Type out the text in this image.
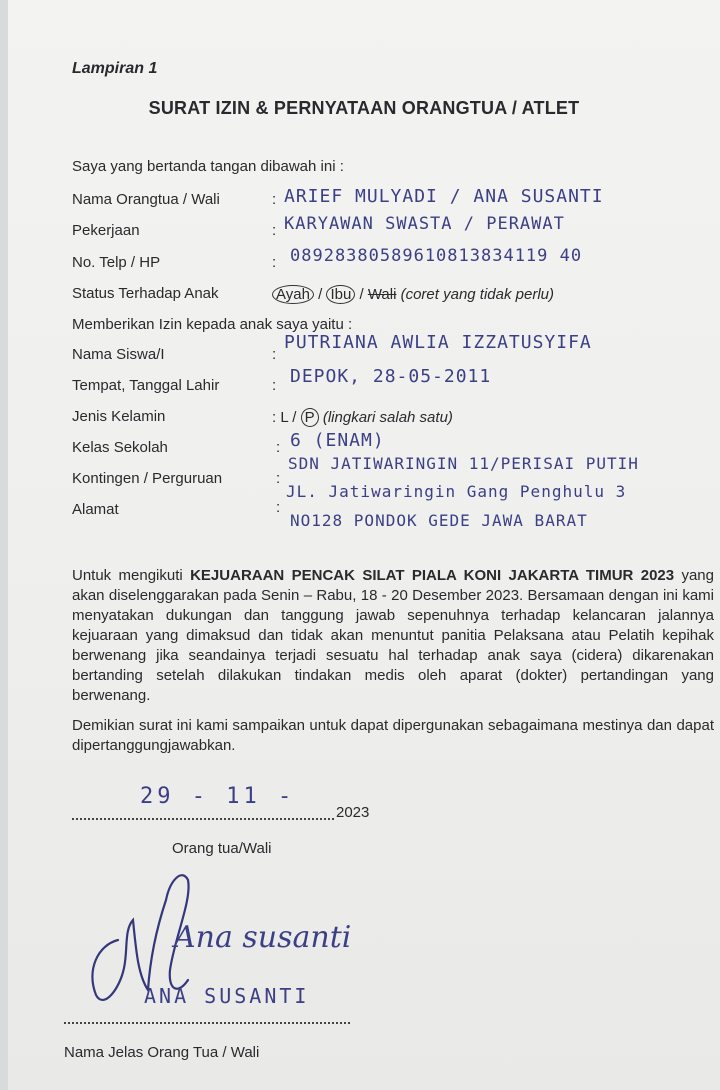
Lampiran 1
SURAT IZIN & PERNYATAAN ORANGTUA / ATLET
Saya yang bertanda tangan dibawah ini :
Nama Orangtua / Wali	: ARIEF MULYADI / ANA SUSANTI
Pekerjaan	: KARYAWAN SWASTA / PERAWAT
No. Telp / HP	: 08928380589610813834119 40
Status Terhadap Anak	Ayah / Ibu / Wali (coret yang tidak perlu)
Memberikan Izin kepada anak saya yaitu :
Nama Siswa/I	:
PUTRIANA AWLIA IZZATUSYIFA
Tempat, Tanggal Lahir	: DEPOK, 28-05-2011
Jenis Kelamin	: L / P (lingkari salah satu)
Kelas Sekolah	: 6 (ENAM)
Kontingen / Perguruan	:
SDN JATIWARINGIN 11/PERISAI PUTIH
Alamat	:
JL. Jatiwaringin Gang Penghulu 3
NO128 PONDOK GEDE JAWA BARAT
Untuk mengikuti KEJUARAAN PENCAK SILAT PIALA KONI JAKARTA TIMUR 2023 yang akan diselenggarakan pada Senin – Rabu, 18 - 20 Desember 2023. Bersamaan dengan ini kami menyatakan dukungan dan tanggung jawab sepenuhnya terhadap kelancaran jalannya kejuaraan yang dimaksud dan tidak akan menuntut panitia Pelaksana atau Pelatih kepihak berwenang jika seandainya terjadi sesuatu hal terhadap anak saya (cidera) dikarenakan bertanding setelah dilakukan tindakan medis oleh aparat (dokter) pertandingan yang berwenang.
Demikian surat ini kami sampaikan untuk dapat dipergunakan sebagaimana mestinya dan dapat dipertanggungjawabkan.
29 - 11 -
2023
Orang tua/Wali
Ana susanti
ANA SUSANTI
Nama Jelas Orang Tua / Wali
